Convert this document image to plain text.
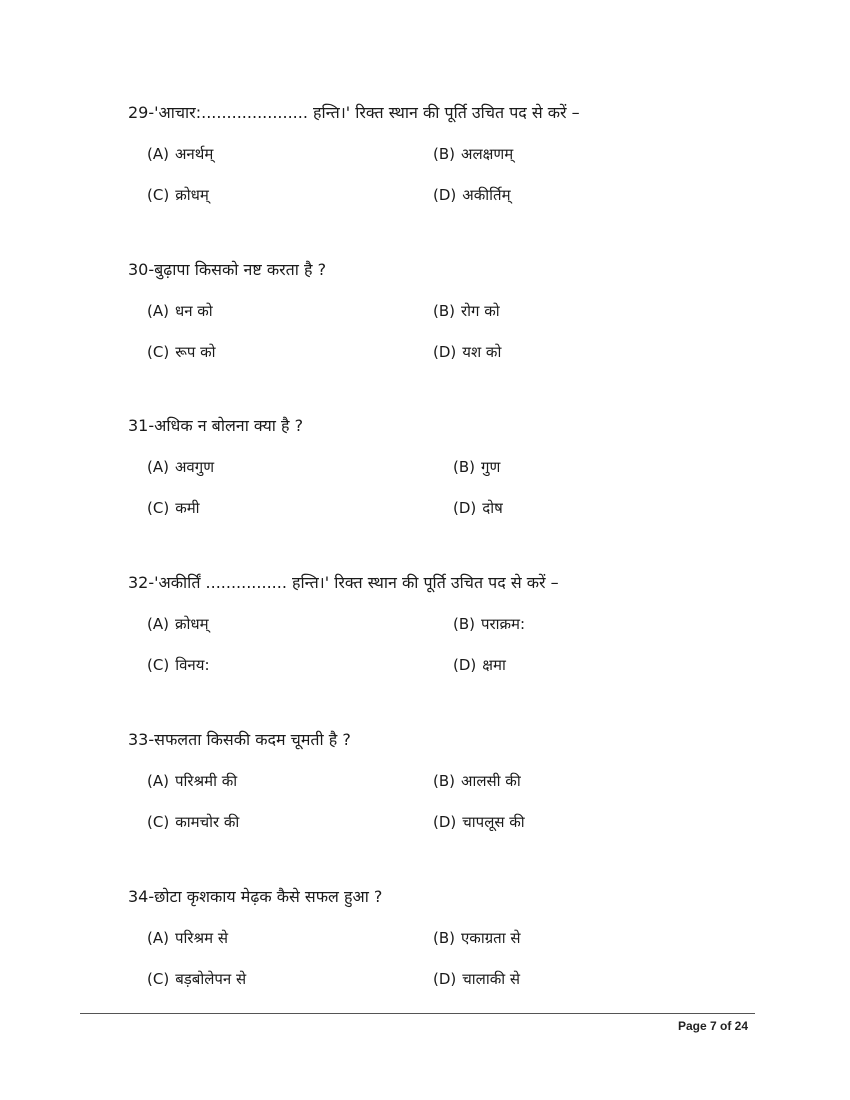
29-'आचार:..................... हन्ति।' रिक्त स्थान की पूर्ति उचित पद से करें –
(A) अनर्थम्	(B) अलक्षणम्
(C) क्रोधम्	(D) अकीर्तिम्
30-बुढ़ापा किसको नष्ट करता है ?
(A) धन को	(B) रोग को
(C) रूप को	(D) यश को
31-अधिक न बोलना क्या है ?
(A) अवगुण	(B) गुण
(C) कमी	(D) दोष
32-'अकीर्तिं ................ हन्ति।' रिक्त स्थान की पूर्ति उचित पद से करें –
(A) क्रोधम्	(B) पराक्रम:
(C) विनय:	(D) क्षमा
33-सफलता किसकी कदम चूमती है ?
(A) परिश्रमी की	(B) आलसी की
(C) कामचोर की	(D) चापलूस की
34-छोटा कृशकाय मेढ़क कैसे सफल हुआ ?
(A) परिश्रम से	(B) एकाग्रता से
(C) बड़बोलेपन से	(D) चालाकी से
Page 7 of 24
